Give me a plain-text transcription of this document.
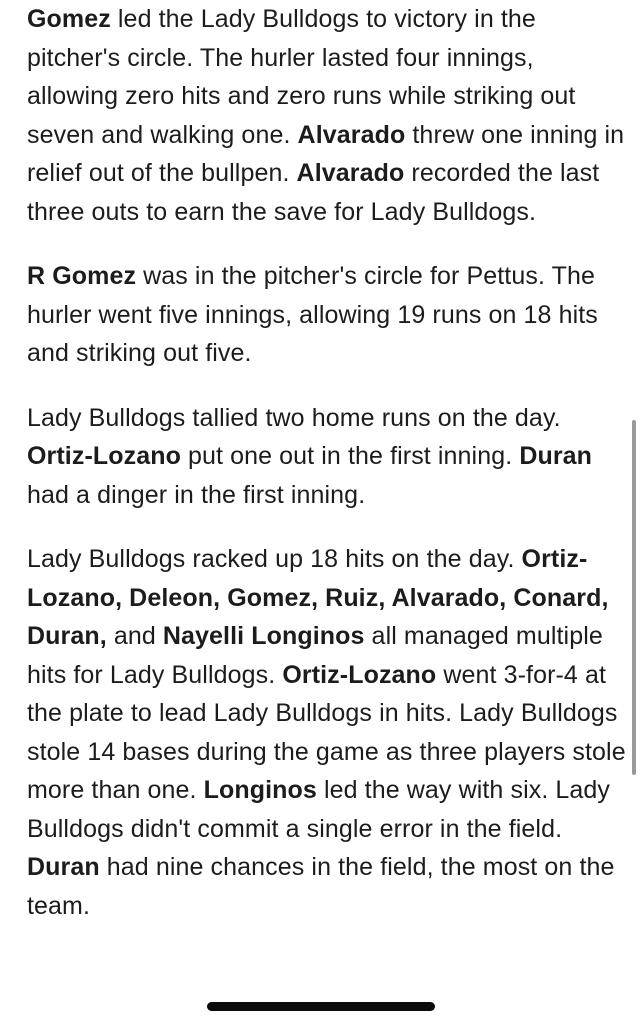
Gomez led the Lady Bulldogs to victory in the pitcher's circle. The hurler lasted four innings, allowing zero hits and zero runs while striking out seven and walking one. Alvarado threw one inning in relief out of the bullpen. Alvarado recorded the last three outs to earn the save for Lady Bulldogs.

R Gomez was in the pitcher's circle for Pettus. The hurler went five innings, allowing 19 runs on 18 hits and striking out five.

Lady Bulldogs tallied two home runs on the day. Ortiz-Lozano put one out in the first inning. Duran had a dinger in the first inning.

Lady Bulldogs racked up 18 hits on the day. Ortiz-Lozano, Deleon, Gomez, Ruiz, Alvarado, Conard, Duran, and Nayelli Longinos all managed multiple hits for Lady Bulldogs. Ortiz-Lozano went 3-for-4 at the plate to lead Lady Bulldogs in hits. Lady Bulldogs stole 14 bases during the game as three players stole more than one. Longinos led the way with six. Lady Bulldogs didn't commit a single error in the field. Duran had nine chances in the field, the most on the team.
